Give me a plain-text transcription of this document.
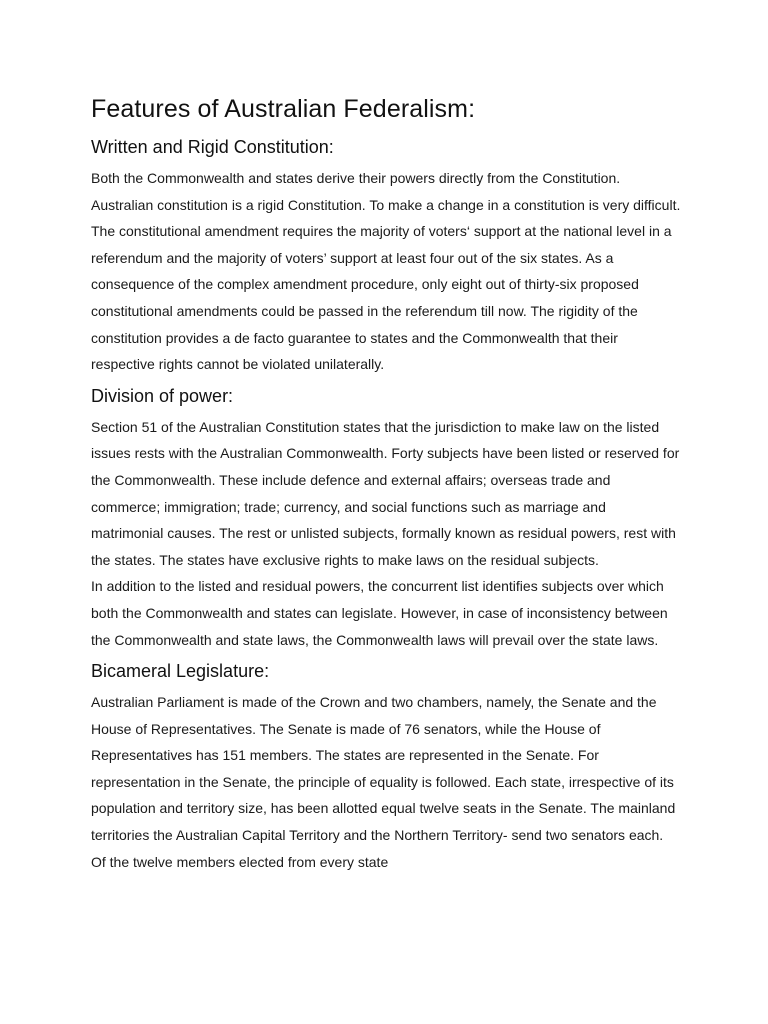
Features of Australian Federalism:
Written and Rigid Constitution:

Both the Commonwealth and states derive their powers directly from the Constitution. Australian constitution is a rigid Constitution. To make a change in a constitution is very difficult. The constitutional amendment requires the majority of voters‘ support at the national level in a referendum and the majority of voters’ support at least four out of the six states. As a consequence of the complex amendment procedure, only eight out of thirty-six proposed constitutional amendments could be passed in the referendum till now. The rigidity of the constitution provides a de facto guarantee to states and the Commonwealth that their respective rights cannot be violated unilaterally.

Division of power:

Section 51 of the Australian Constitution states that the jurisdiction to make law on the listed issues rests with the Australian Commonwealth. Forty subjects have been listed or reserved for the Commonwealth. These include defence and external affairs; overseas trade and commerce; immigration; trade; currency, and social functions such as marriage and matrimonial causes. The rest or unlisted subjects, formally known as residual powers, rest with the states. The states have exclusive rights to make laws on the residual subjects.

In addition to the listed and residual powers, the concurrent list identifies subjects over which both the Commonwealth and states can legislate. However, in case of inconsistency between the Commonwealth and state laws, the Commonwealth laws will prevail over the state laws.

Bicameral Legislature:

Australian Parliament is made of the Crown and two chambers, namely, the Senate and the House of Representatives. The Senate is made of 76 senators, while the House of Representatives has 151 members. The states are represented in the Senate. For representation in the Senate, the principle of equality is followed. Each state, irrespective of its population and territory size, has been allotted equal twelve seats in the Senate. The mainland territories the Australian Capital Territory and the Northern Territory- send two senators each. Of the twelve members elected from every state
